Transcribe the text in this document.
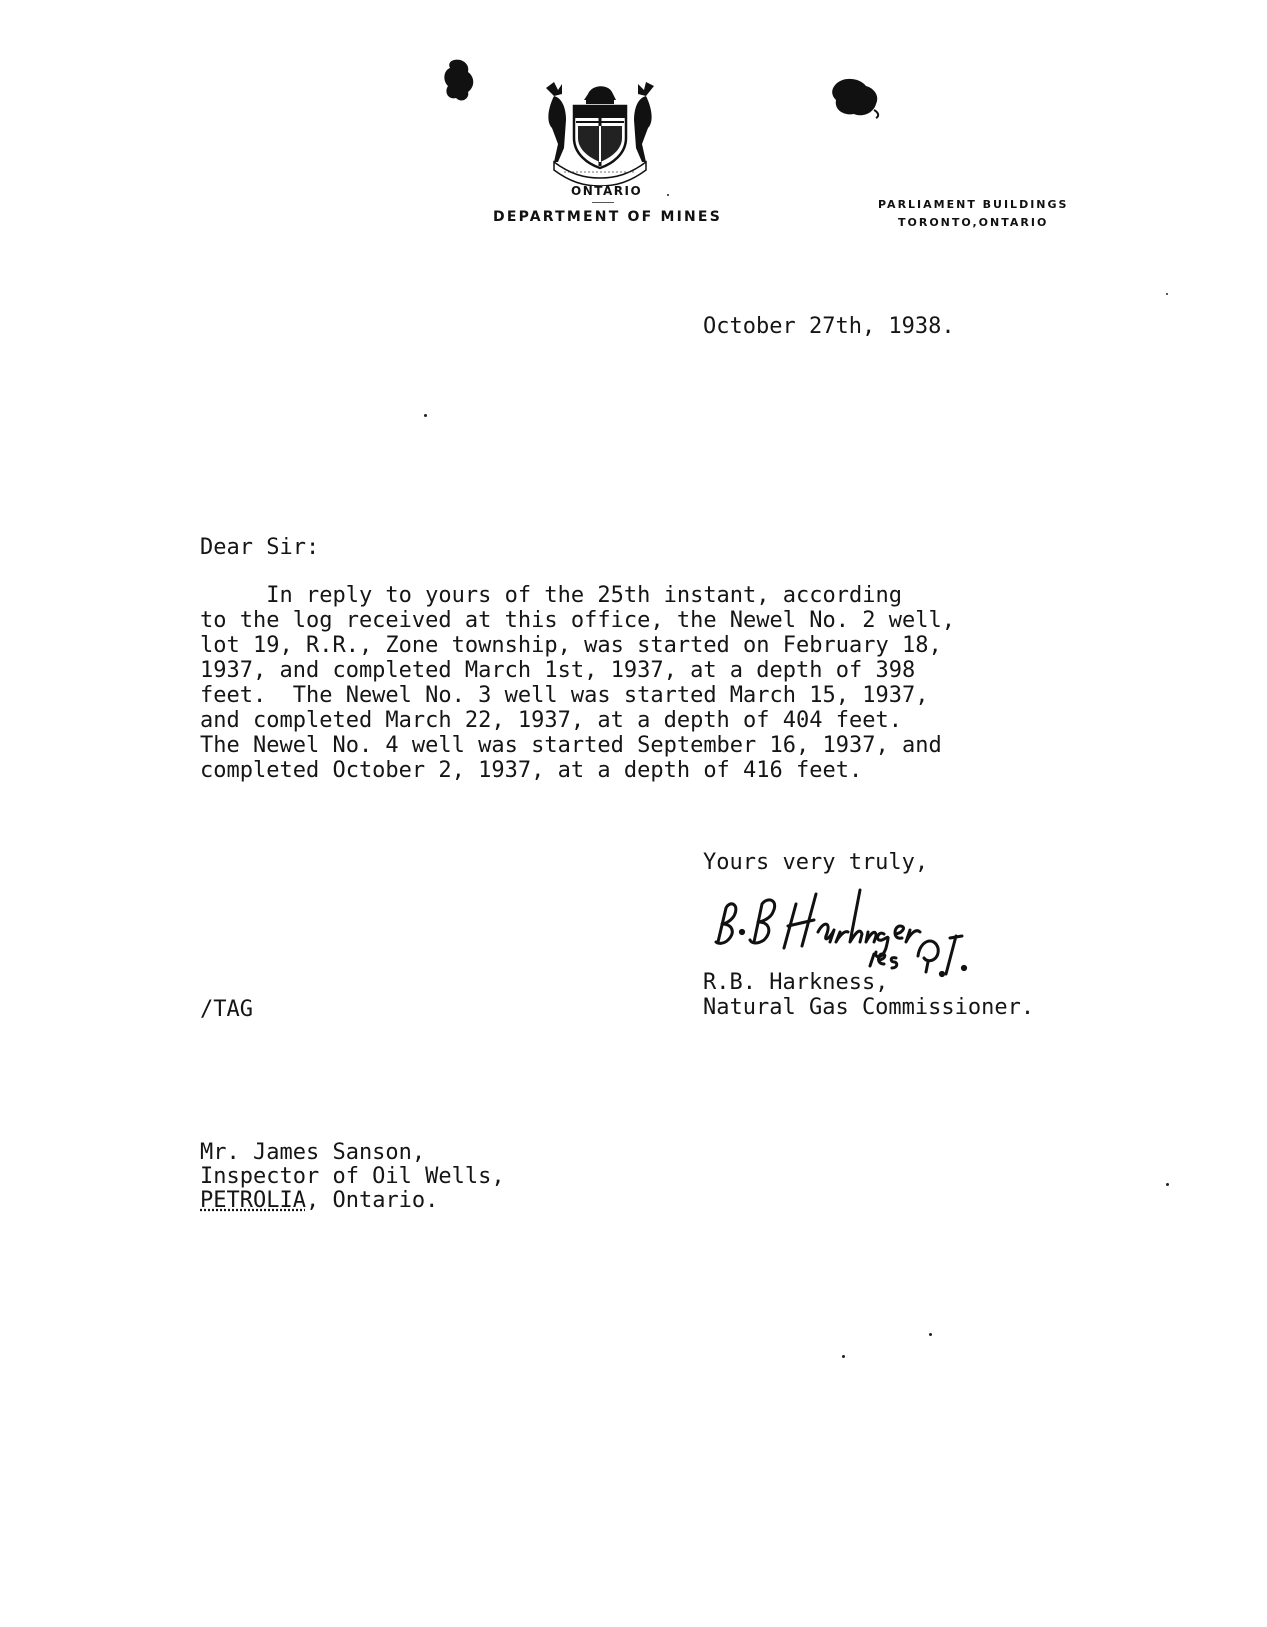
ONTARIO
DEPARTMENT OF MINES
PARLIAMENT BUILDINGS
TORONTO,ONTARIO
October 27th, 1938.
Dear Sir:
In reply to yours of the 25th instant, according
to the log received at this office, the Newel No. 2 well,
lot 19, R.R., Zone township, was started on February 18,
1937, and completed March 1st, 1937, at a depth of 398
feet.  The Newel No. 3 well was started March 15, 1937,
and completed March 22, 1937, at a depth of 404 feet.
The Newel No. 4 well was started September 16, 1937, and
completed October 2, 1937, at a depth of 416 feet.
Yours very truly,
R.B. Harkness,
Natural Gas Commissioner.
/TAG
Mr. James Sanson,
Inspector of Oil Wells,
PETROLIA, Ontario.
